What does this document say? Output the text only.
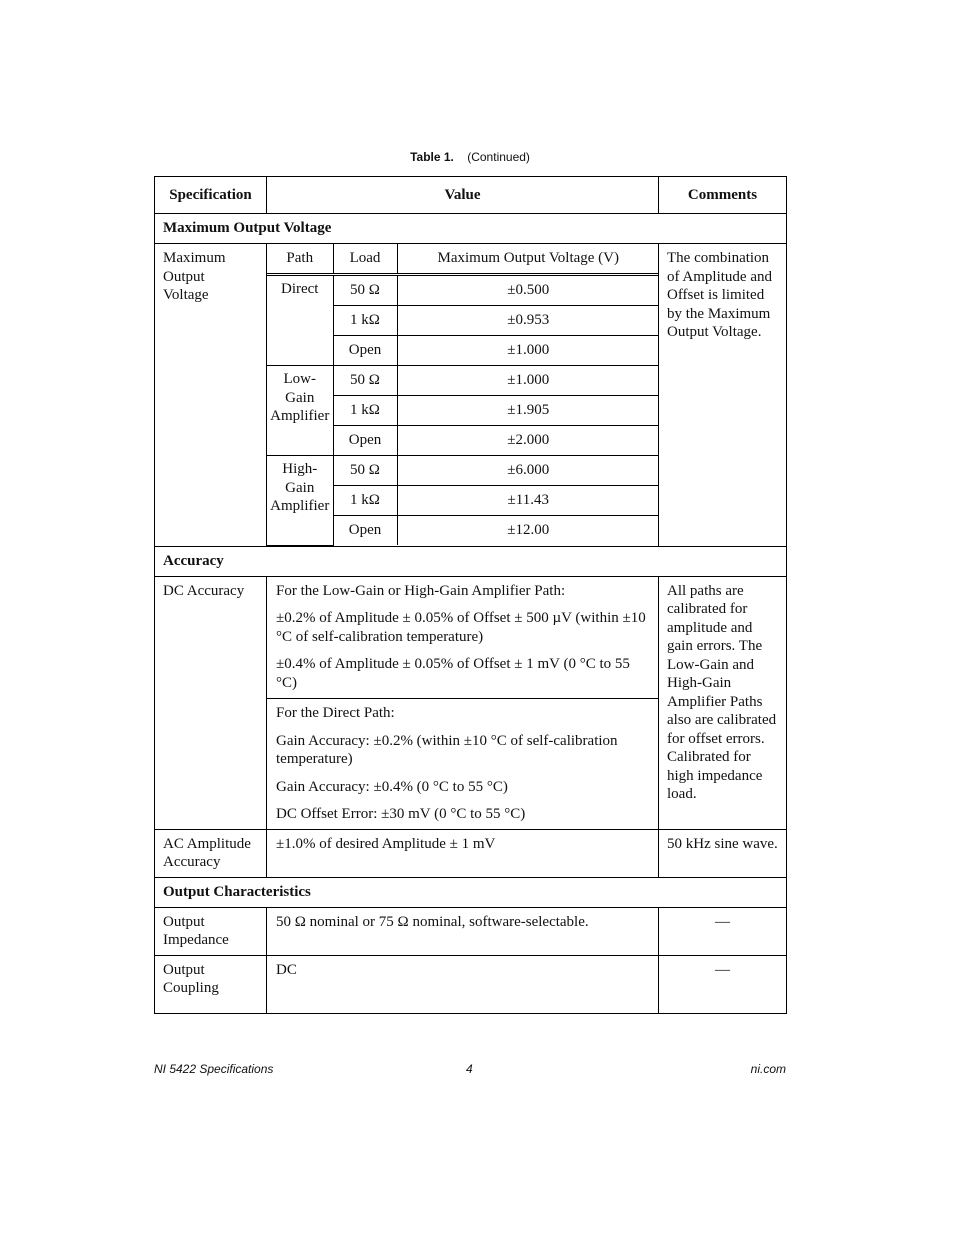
Table 1. (Continued)
Specification	Value	Comments
Maximum Output Voltage
Maximum Output Voltage	
Path	Load	Maximum Output Voltage (V)
Direct	50 Ω	±0.500
1 kΩ	±0.953
Open	±1.000
Low-
Gain
Amplifier	50 Ω	±1.000
1 kΩ	±1.905
Open	±2.000
High-
Gain
Amplifier	50 Ω	±6.000
1 kΩ	±11.43
Open	±12.00
	The combination of Amplitude and Offset is limited by the Maximum Output Voltage.
Accuracy
DC Accuracy	For the Low-Gain or High-Gain Amplifier Path:

±0.2% of Amplitude ± 0.05% of Offset ± 500 µV (within ±10 °C of self-calibration temperature)

±0.4% of Amplitude ± 0.05% of Offset ± 1 mV (0 °C to 55 °C)

For the Direct Path:

Gain Accuracy: ±0.2% (within ±10 °C of self-calibration temperature)

Gain Accuracy: ±0.4% (0 °C to 55 °C)

DC Offset Error: ±30 mV (0 °C to 55 °C)

	All paths are calibrated for amplitude and gain errors. The Low-Gain and High-Gain Amplifier Paths also are calibrated for offset errors. Calibrated for high impedance load.
AC Amplitude Accuracy	±1.0% of desired Amplitude ± 1 mV	50 kHz sine wave.
Output Characteristics
Output Impedance	50 Ω nominal or 75 Ω nominal, software-selectable.	—
Output Coupling	DC	—
NI 5422 Specifications	4	ni.com
